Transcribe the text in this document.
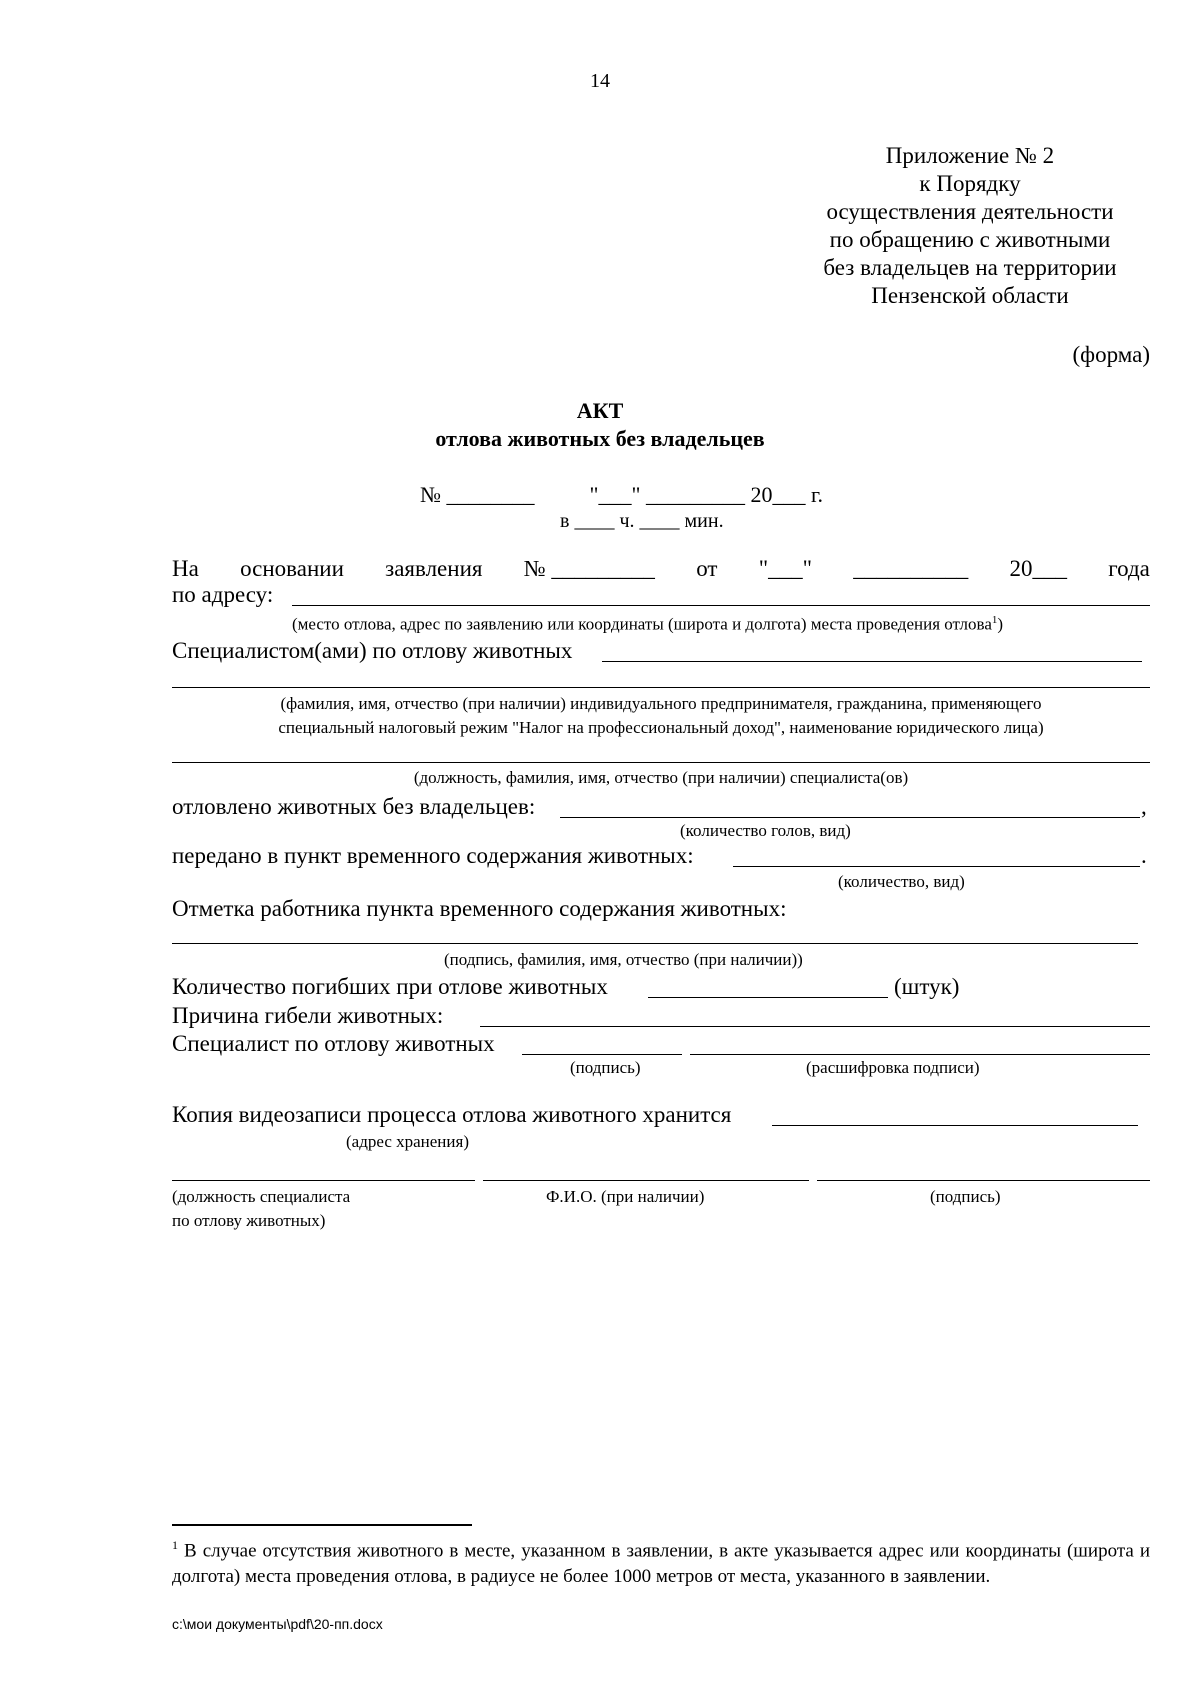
14
Приложение № 2
к Порядку
осуществления деятельности
по обращению с животными
без владельцев на территории
Пензенской области
(форма)
АКТ
отлова животных без владельцев
№ ________          "___" _________ 20___ г.
в ____ ч. ____ мин.
На основании заявления № _________ от "___" __________ 20___ года
по адресу:
(место отлова, адрес по заявлению или координаты (широта и долгота) места проведения отлова$^1$)
Специалистом(ами) по отлову животных
(фамилия, имя, отчество (при наличии) индивидуального предпринимателя, гражданина, применяющего
специальный налоговый режим "Налог на профессиональный доход", наименование юридического лица)
(должность, фамилия, имя, отчество (при наличии) специалиста(ов)
отловлено животных без владельцев:	,
(количество голов, вид)
передано в пункт временного содержания животных:	.
(количество, вид)
Отметка работника пункта временного содержания животных:
(подпись, фамилия, имя, отчество (при наличии))
Количество погибших при отлове животных	(штук)
Причина гибели животных:
Специалист по отлову животных
(подпись)	(расшифровка подписи)
Копия видеозаписи процесса отлова животного хранится
(адрес хранения)
(должность специалиста
по отлову животных)
Ф.И.О. (при наличии)	(подпись)
$^1$ В случае отсутствия животного в месте, указанном в заявлении, в акте указывается адрес или координаты (широта и долгота) места проведения отлова, в радиусе не более 1000 метров от места, указанного в заявлении.
c:\мои документы\pdf\20-пп.docx
